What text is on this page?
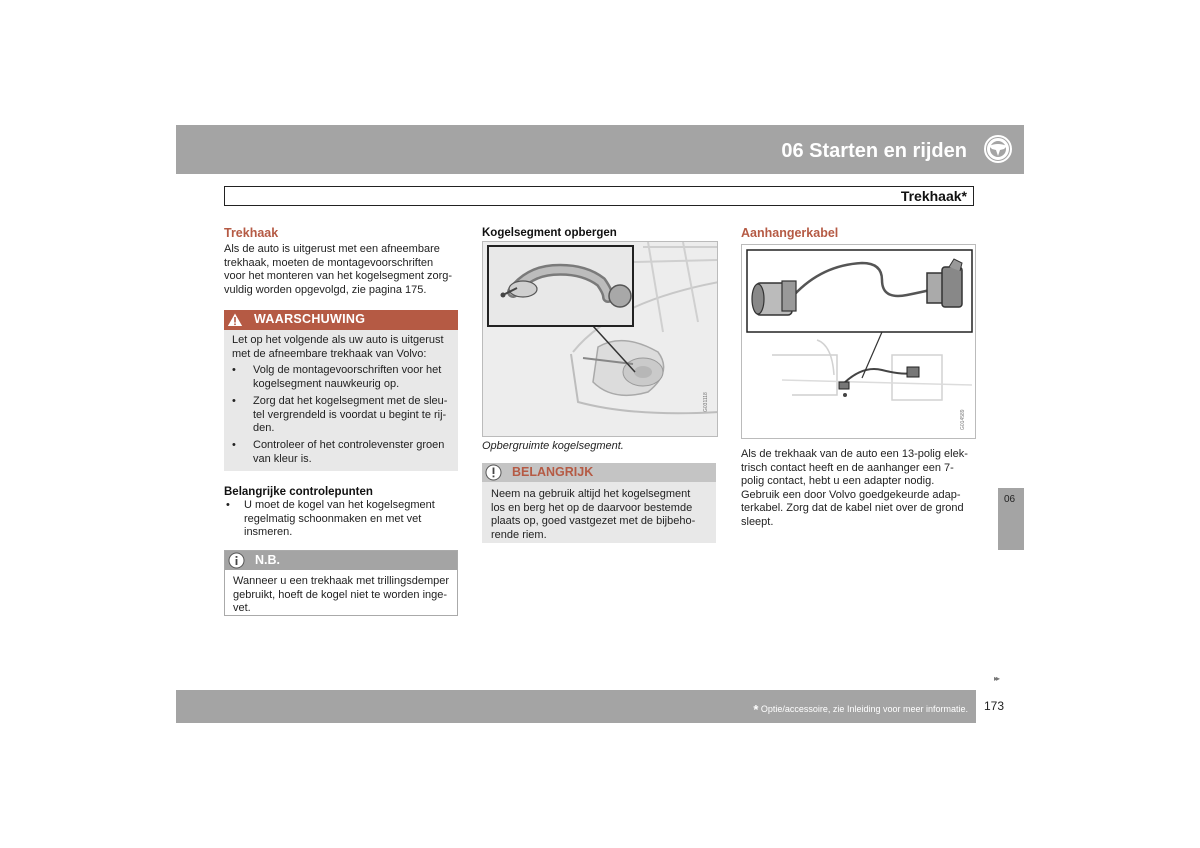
06 Starten en rijden
Trekhaak*
Trekhaak
Als de auto is uitgerust met een afneembare
trekhaak, moeten de montagevoorschriften
voor het monteren van het kogelsegment zorg-
vuldig worden opgevolgd, zie pagina 175.
WAARSCHUWING
Let op het volgende als uw auto is uitgerust
met de afneembare trekhaak van Volvo:
• Volg de montagevoorschriften voor het
kogelsegment nauwkeurig op.
• Zorg dat het kogelsegment met de sleu-
tel vergrendeld is voordat u begint te rij-
den.
• Controleer of het controlevenster groen
van kleur is.
Belangrijke controlepunten
• U moet de kogel van het kogelsegment
regelmatig schoonmaken en met vet
insmeren.
N.B.
Wanneer u een trekhaak met trillingsdemper
gebruikt, hoeft de kogel niet te worden inge-
vet.
Kogelsegment opbergen
G031118
Opbergruimte kogelsegment.
BELANGRIJK
Neem na gebruik altijd het kogelsegment
los en berg het op de daarvoor bestemde
plaats op, goed vastgezet met de bijbeho-
rende riem.
Aanhangerkabel
G014589
Als de trekhaak van de auto een 13-polig elek-
trisch contact heeft en de aanhanger een 7-
polig contact, hebt u een adapter nodig.
Gebruik een door Volvo goedgekeurde adap-
terkabel. Zorg dat de kabel niet over de grond
sleept.
06
▸▸
* Optie/accessoire, zie Inleiding voor meer informatie. 173
